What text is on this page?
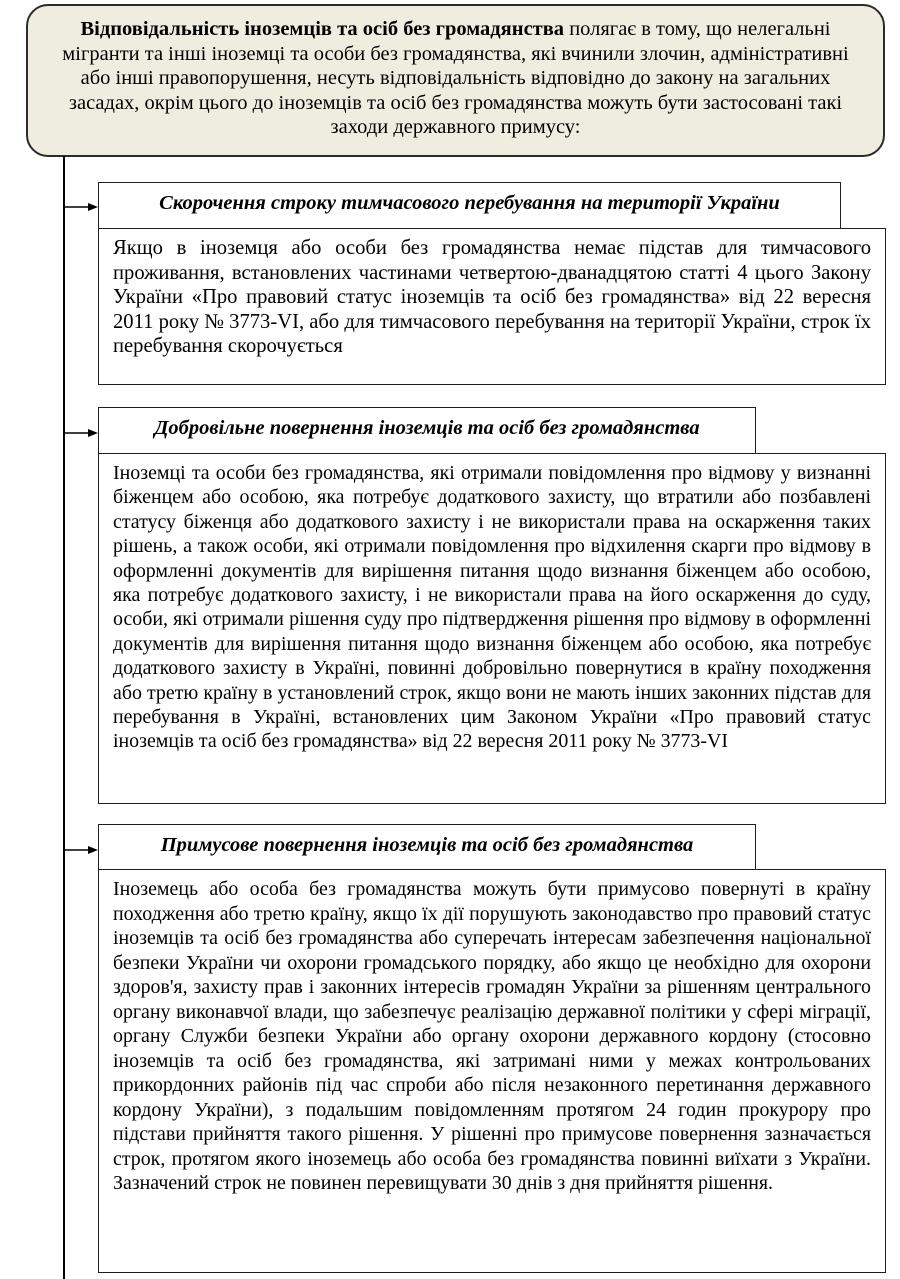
Відповідальність іноземців та осіб без громадянства полягає в тому, що нелегальні мігранти та інші іноземці та особи без громадянства, які вчинили злочин, адміністративні або інші правопорушення, несуть відповідальність відповідно до закону на загальних засадах, окрім цього до іноземців та осіб без громадянства можуть бути застосовані такі заходи державного примусу:
Скорочення строку тимчасового перебування на території України
Якщо в іноземця або особи без громадянства немає підстав для тимчасового проживання, встановлених частинами четвертою-дванадцятою статті 4 цього Закону України «Про правовий статус іноземців та осіб без громадянства» від 22 вересня 2011 року № 3773-VI, або для тимчасового перебування на території України, строк їх перебування скорочується
Добровільне повернення іноземців та осіб без громадянства
Іноземці та особи без громадянства, які отримали повідомлення про відмову у визнанні біженцем або особою, яка потребує додаткового захисту, що втратили або позбавлені статусу біженця або додаткового захисту і не використали права на оскарження таких рішень, а також особи, які отримали повідомлення про відхилення скарги про відмову в оформленні документів для вирішення питання щодо визнання біженцем або особою, яка потребує додаткового захисту, і не використали права на його оскарження до суду, особи, які отримали рішення суду про підтвердження рішення про відмову в оформленні документів для вирішення питання щодо визнання біженцем або особою, яка потребує додаткового захисту в Україні, повинні добровільно повернутися в країну походження або третю країну в установлений строк, якщо вони не мають інших законних підстав для перебування в Україні, встановлених цим Законом України «Про правовий статус іноземців та осіб без громадянства» від 22 вересня 2011 року № 3773-VI
Примусове повернення іноземців та осіб без громадянства
Іноземець або особа без громадянства можуть бути примусово повернуті в країну походження або третю країну, якщо їх дії порушують законодавство про правовий статус іноземців та осіб без громадянства або суперечать інтересам забезпечення національної безпеки України чи охорони громадського порядку, або якщо це необхідно для охорони здоров'я, захисту прав і законних інтересів громадян України за рішенням центрального органу виконавчої влади, що забезпечує реалізацію державної політики у сфері міграції, органу Служби безпеки України або органу охорони державного кордону (стосовно іноземців та осіб без громадянства, які затримані ними у межах контрольованих прикордонних районів під час спроби або після незаконного перетинання державного кордону України), з подальшим повідомленням протягом 24 годин прокурору про підстави прийняття такого рішення. У рішенні про примусове повернення зазначається строк, протягом якого іноземець або особа без громадянства повинні виїхати з України. Зазначений строк не повинен перевищувати 30 днів з дня прийняття рішення.
